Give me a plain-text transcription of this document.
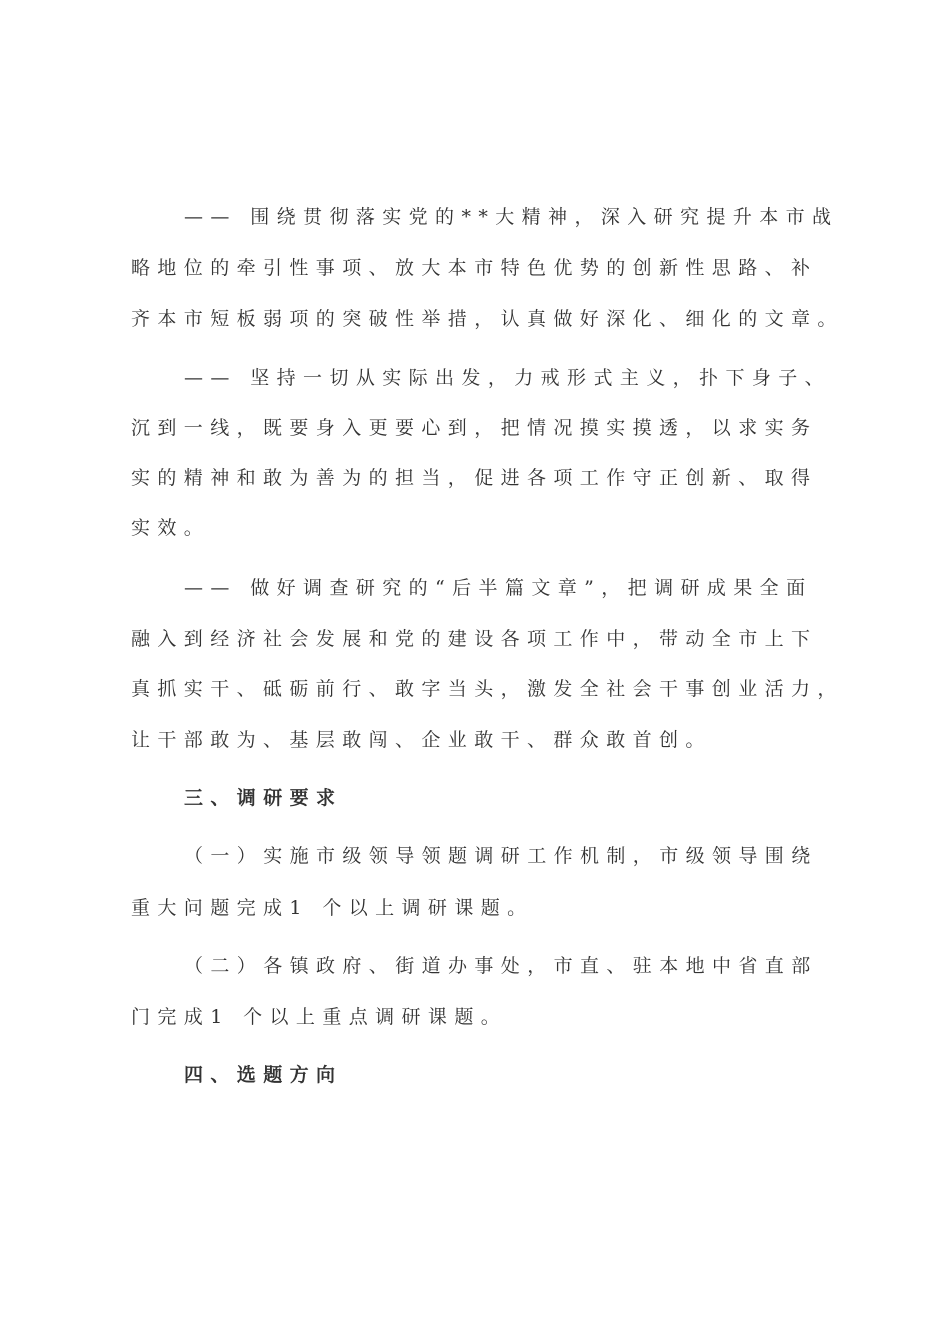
—— 围绕贯彻落实党的**大精神，深入研究提升本市战
略地位的牵引性事项、放大本市特色优势的创新性思路、补
齐本市短板弱项的突破性举措，认真做好深化、细化的文章。
—— 坚持一切从实际出发，力戒形式主义，扑下身子、
沉到一线，既要身入更要心到，把情况摸实摸透，以求实务
实的精神和敢为善为的担当，促进各项工作守正创新、取得
实效。
—— 做好调查研究的“后半篇文章”，把调研成果全面
融入到经济社会发展和党的建设各项工作中，带动全市上下
真抓实干、砥砺前行、敢字当头，激发全社会干事创业活力，
让干部敢为、基层敢闯、企业敢干、群众敢首创。
三、调研要求
（一）实施市级领导领题调研工作机制，市级领导围绕
重大问题完成1 个以上调研课题。
（二）各镇政府、街道办事处，市直、驻本地中省直部
门完成1 个以上重点调研课题。
四、选题方向
